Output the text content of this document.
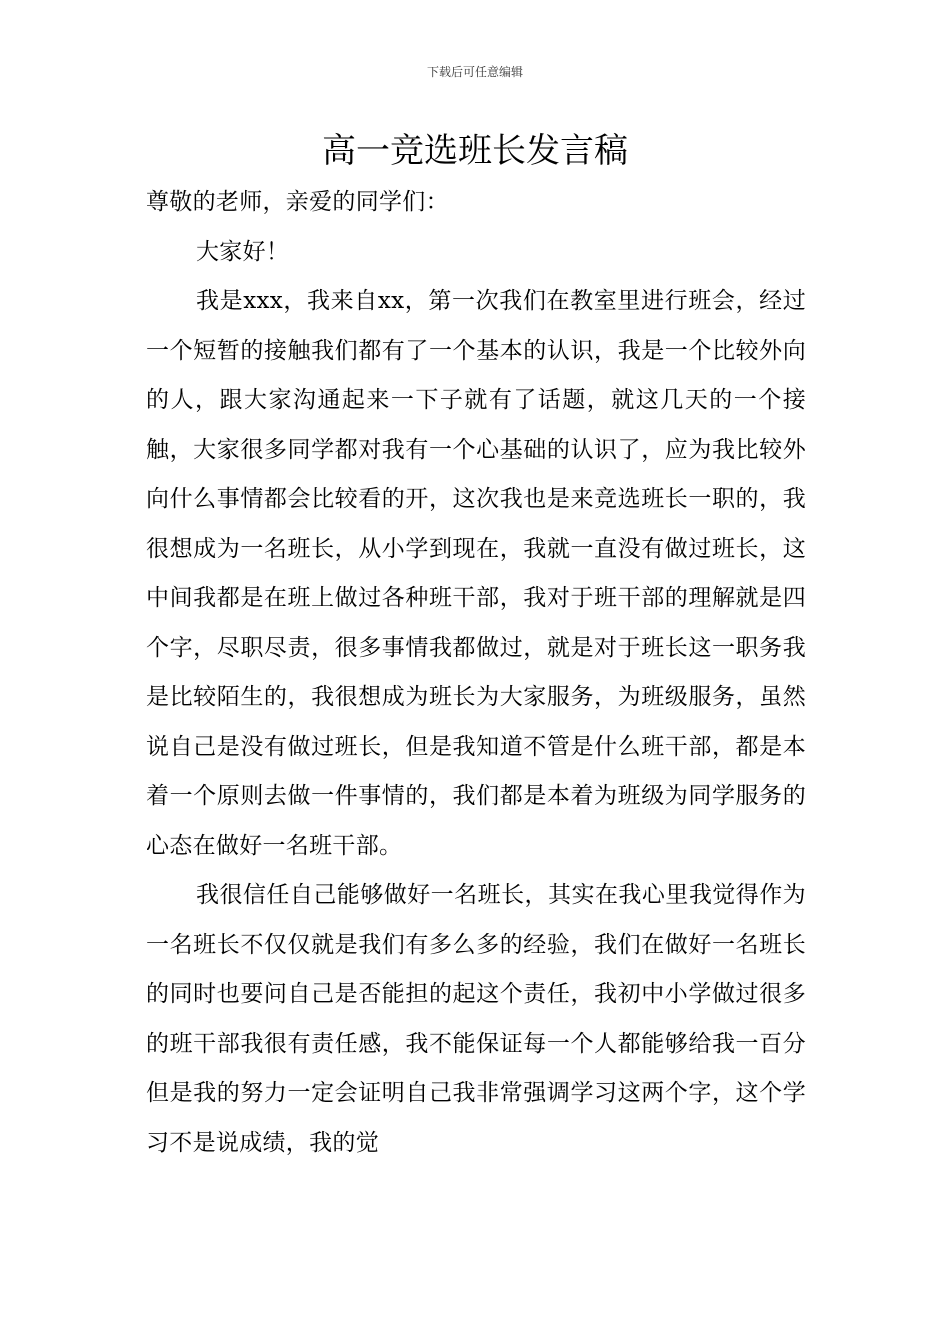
下载后可任意编辑
高一竞选班长发言稿

尊敬的老师，亲爱的同学们：

大家好！

我是xxx，我来自xx，第一次我们在教室里进行班会，经过一个短暂的接触我们都有了一个基本的认识，我是一个比较外向的人，跟大家沟通起来一下子就有了话题，就这几天的一个接触，大家很多同学都对我有一个心基础的认识了，应为我比较外向什么事情都会比较看的开，这次我也是来竞选班长一职的，我很想成为一名班长，从小学到现在，我就一直没有做过班长，这中间我都是在班上做过各种班干部，我对于班干部的理解就是四个字，尽职尽责，很多事情我都做过，就是对于班长这一职务我是比较陌生的，我很想成为班长为大家服务，为班级服务，虽然说自己是没有做过班长，但是我知道不管是什么班干部，都是本着一个原则去做一件事情的，我们都是本着为班级为同学服务的心态在做好一名班干部。

我很信任自己能够做好一名班长，其实在我心里我觉得作为一名班长不仅仅就是我们有多么多的经验，我们在做好一名班长的同时也要问自己是否能担的起这个责任，我初中小学做过很多的班干部我很有责任感，我不能保证每一个人都能够给我一百分但是我的努力一定会证明自己我非常强调学习这两个字，这个学习不是说成绩，我的觉
